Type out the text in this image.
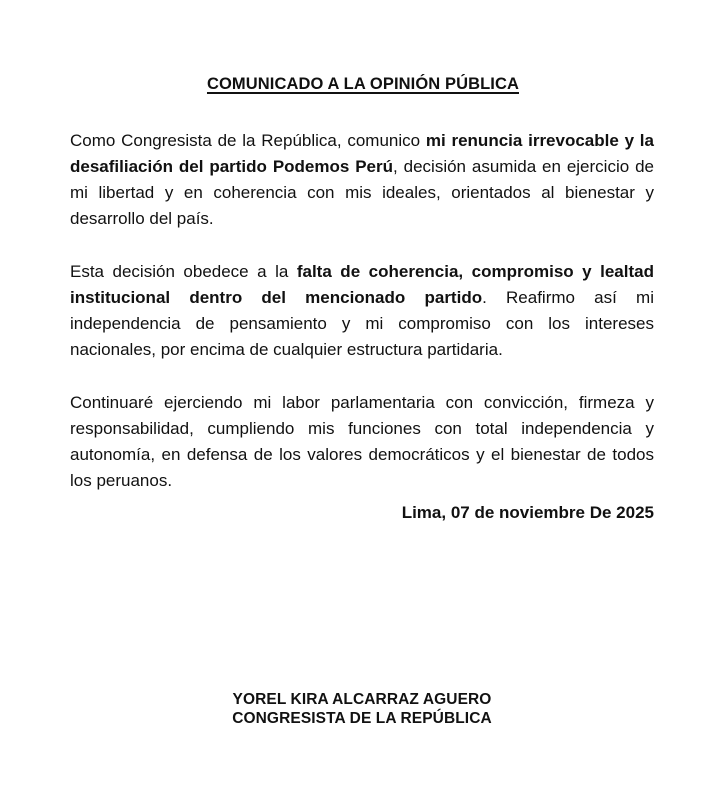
COMUNICADO A LA OPINIÓN PÚBLICA

Como Congresista de la República, comunico mi renuncia irrevocable y la desafiliación del partido Podemos Perú, decisión asumida en ejercicio de mi libertad y en coherencia con mis ideales, orientados al bienestar y desarrollo del país.

Esta decisión obedece a la falta de coherencia, compromiso y lealtad institucional dentro del mencionado partido. Reafirmo así mi independencia de pensamiento y mi compromiso con los intereses nacionales, por encima de cualquier estructura partidaria.

Continuaré ejerciendo mi labor parlamentaria con convicción, firmeza y responsabilidad, cumpliendo mis funciones con total independencia y autonomía, en defensa de los valores democráticos y el bienestar de todos los peruanos.

Lima, 07 de noviembre De 2025
YOREL KIRA ALCARRAZ AGUERO
CONGRESISTA DE LA REPÚBLICA
